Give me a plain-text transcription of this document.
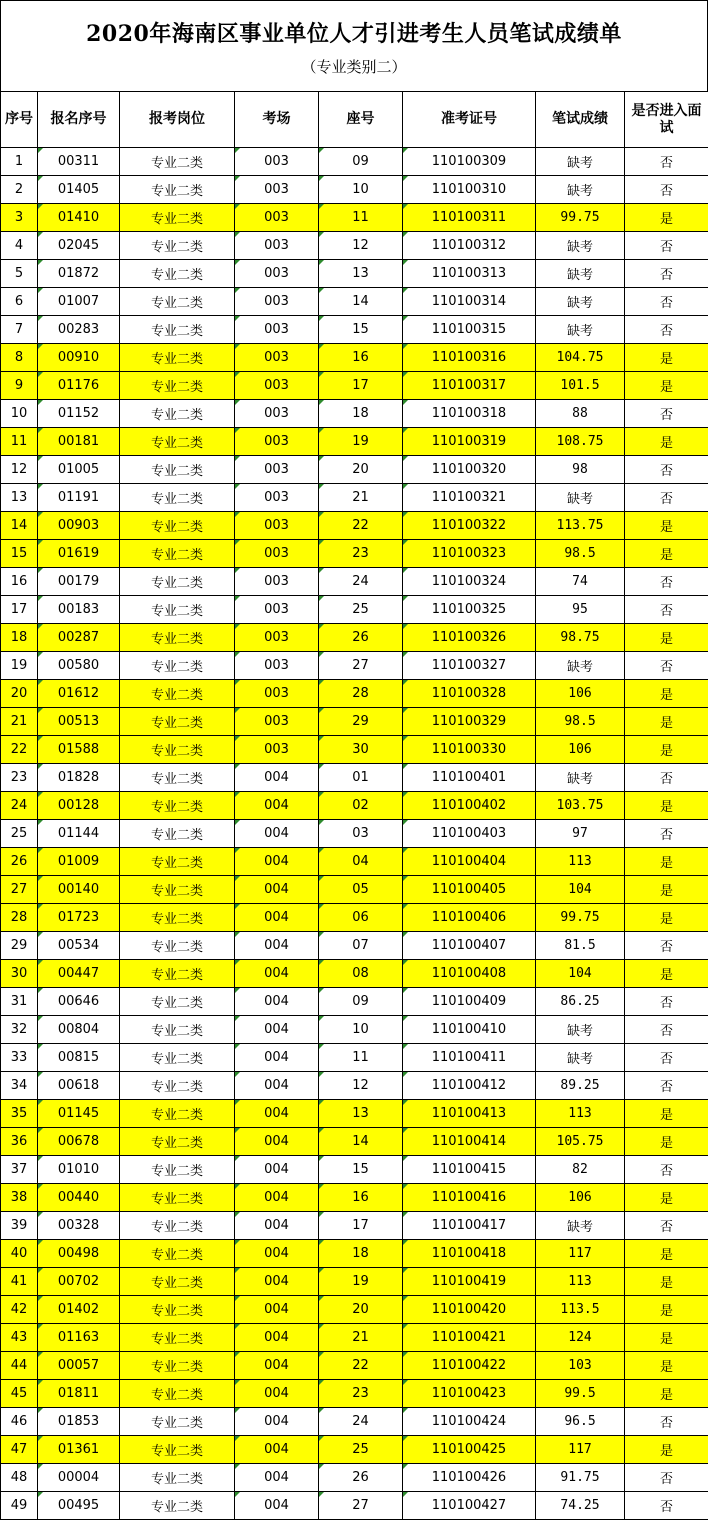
2020年海南区事业单位人才引进考生人员笔试成绩单
（专业类别二）
序号	报名序号	报考岗位	考场	座号	准考证号	笔试成绩	是否进入面试
1	00311	专业二类	003	09	110100309	缺考	否
2	01405	专业二类	003	10	110100310	缺考	否
3	01410	专业二类	003	11	110100311	99.75	是
4	02045	专业二类	003	12	110100312	缺考	否
5	01872	专业二类	003	13	110100313	缺考	否
6	01007	专业二类	003	14	110100314	缺考	否
7	00283	专业二类	003	15	110100315	缺考	否
8	00910	专业二类	003	16	110100316	104.75	是
9	01176	专业二类	003	17	110100317	101.5	是
10	01152	专业二类	003	18	110100318	88	否
11	00181	专业二类	003	19	110100319	108.75	是
12	01005	专业二类	003	20	110100320	98	否
13	01191	专业二类	003	21	110100321	缺考	否
14	00903	专业二类	003	22	110100322	113.75	是
15	01619	专业二类	003	23	110100323	98.5	是
16	00179	专业二类	003	24	110100324	74	否
17	00183	专业二类	003	25	110100325	95	否
18	00287	专业二类	003	26	110100326	98.75	是
19	00580	专业二类	003	27	110100327	缺考	否
20	01612	专业二类	003	28	110100328	106	是
21	00513	专业二类	003	29	110100329	98.5	是
22	01588	专业二类	003	30	110100330	106	是
23	01828	专业二类	004	01	110100401	缺考	否
24	00128	专业二类	004	02	110100402	103.75	是
25	01144	专业二类	004	03	110100403	97	否
26	01009	专业二类	004	04	110100404	113	是
27	00140	专业二类	004	05	110100405	104	是
28	01723	专业二类	004	06	110100406	99.75	是
29	00534	专业二类	004	07	110100407	81.5	否
30	00447	专业二类	004	08	110100408	104	是
31	00646	专业二类	004	09	110100409	86.25	否
32	00804	专业二类	004	10	110100410	缺考	否
33	00815	专业二类	004	11	110100411	缺考	否
34	00618	专业二类	004	12	110100412	89.25	否
35	01145	专业二类	004	13	110100413	113	是
36	00678	专业二类	004	14	110100414	105.75	是
37	01010	专业二类	004	15	110100415	82	否
38	00440	专业二类	004	16	110100416	106	是
39	00328	专业二类	004	17	110100417	缺考	否
40	00498	专业二类	004	18	110100418	117	是
41	00702	专业二类	004	19	110100419	113	是
42	01402	专业二类	004	20	110100420	113.5	是
43	01163	专业二类	004	21	110100421	124	是
44	00057	专业二类	004	22	110100422	103	是
45	01811	专业二类	004	23	110100423	99.5	是
46	01853	专业二类	004	24	110100424	96.5	否
47	01361	专业二类	004	25	110100425	117	是
48	00004	专业二类	004	26	110100426	91.75	否
49	00495	专业二类	004	27	110100427	74.25	否
